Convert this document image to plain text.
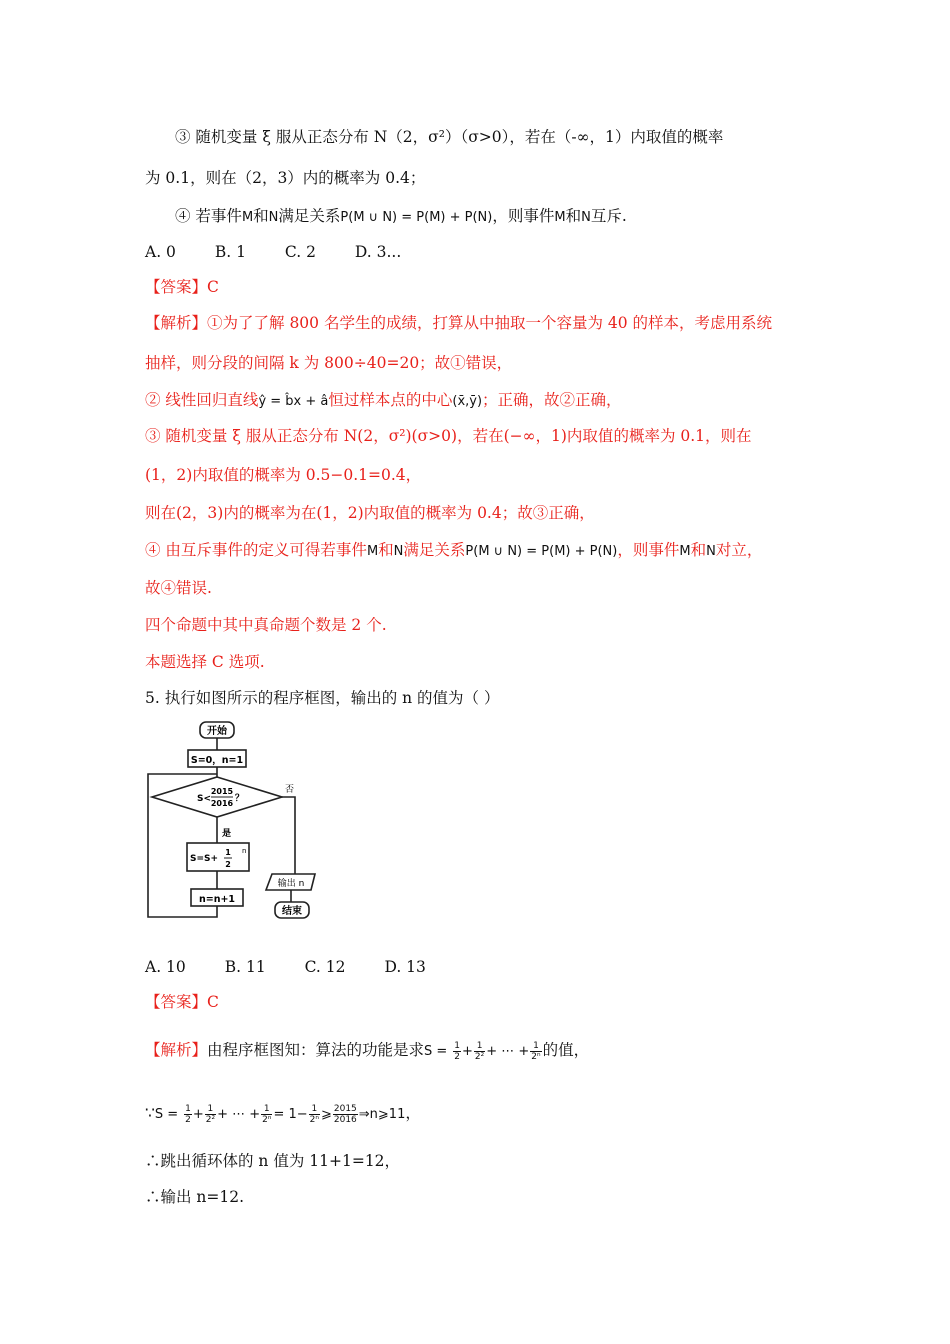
③ 随机变量 ξ 服从正态分布 N（2，σ²）（σ>0），若在（-∞，1）内取值的概率
为 0.1，则在（2，3）内的概率为 0.4；
④ 若事件M和N满足关系P(M ∪ N) = P(M) + P(N)，则事件M和N互斥.
A. 0	B. 1	C. 2	D. 3...
【答案】C
【解析】①为了了解 800 名学生的成绩，打算从中抽取一个容量为 40 的样本，考虑用系统
抽样，则分段的间隔 k 为 800÷40=20；故①错误，
② 线性回归直线ŷ = b̂x + â恒过样本点的中心(x̄,ȳ)；正确，故②正确，
③ 随机变量 ξ 服从正态分布 N(2，σ²)(σ>0)，若在(−∞，1)内取值的概率为 0.1，则在
(1，2)内取值的概率为 0.5−0.1=0.4，
则在(2，3)内的概率为在(1，2)内取值的概率为 0.4；故③正确，
④ 由互斥事件的定义可得若事件M和N满足关系P(M ∪ N) = P(M) + P(N)，则事件M和N对立，
故④错误.
四个命题中其中真命题个数是 2 个.
本题选择 C 选项.
5. 执行如图所示的程序框图，输出的 n 的值为（ ）
开始
S=0，n=1
S<
2015
2016 ？
否
是
S=S+
1
2
n
n=n+1
输出 n
结束
A. 10	B. 11	C. 12	D. 13
【答案】C
【解析】由程序框图知：算法的功能是求$S = \frac{1}{2} + \frac{1}{\text{2²}}$ + ⋯ + $\frac{1}{\text{2ⁿ}}$ 的值，
∵S = $\frac{1}{2} + \frac{1}{\text{2²}}$ + ⋯ + $\frac{1}{\text{2ⁿ}} = 1- \frac{1}{\text{2ⁿ}}$ ⩾ $\frac{2015}{2016}$ ⇒n⩾11，
∴跳出循环体的 n 值为 11+1=12，
∴输出 n=12.
